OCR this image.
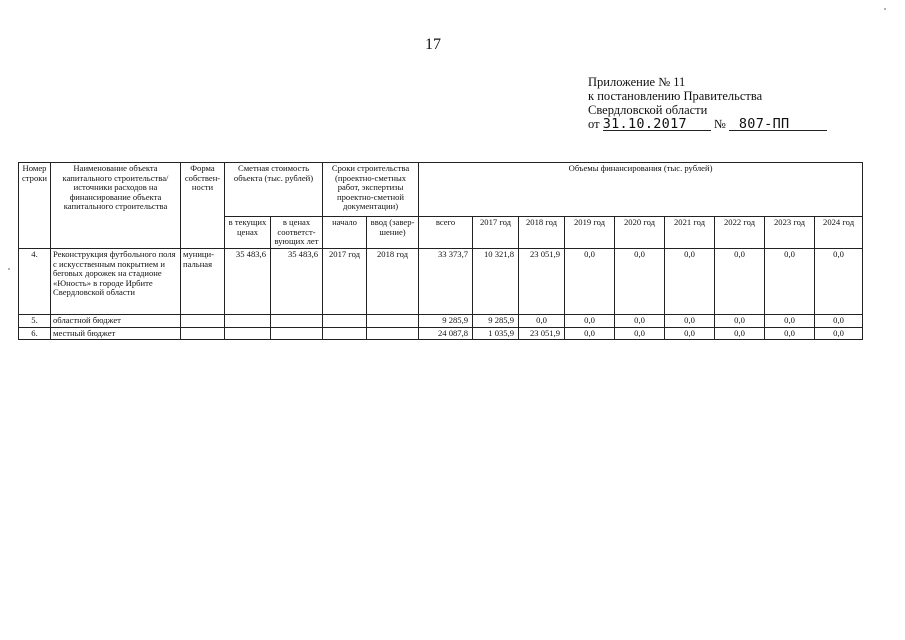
17
Приложение № 11
к постановлению Правительства
Свердловской области
от 31.10.2017 № 807-ПП
Номер строки	Наименование объекта капитального строительства/ источники расходов на финансирование объекта капитального строительства	Форма собствен-ности	Сметная стоимость объекта (тыс. рублей)		Сроки строительства (проектно-сметных работ, экспертизы проектно-сметной документации)		Объемы финансирования (тыс. рублей)								
			в текущих ценах	в ценах соответст-вующих лет	начало	ввод (завер-шение)	всего	2017 год	2018 год	2019 год	2020 год	2021 год	2022 год	2023 год	2024 год
4.	Реконструкция футбольного поля с искусственным покрытием и беговых дорожек на стадионе «Юность» в городе Ирбите Свердловской области	муници-пальная	35 483,6	35 483,6	2017 год	2018 год	33 373,7	10 321,8	23 051,9	0,0	0,0	0,0	0,0	0,0	0,0
5.	областной бюджет						9 285,9	9 285,9	0,0	0,0	0,0	0,0	0,0	0,0	0,0
6.	местный бюджет						24 087,8	1 035,9	23 051,9	0,0	0,0	0,0	0,0	0,0	0,0
